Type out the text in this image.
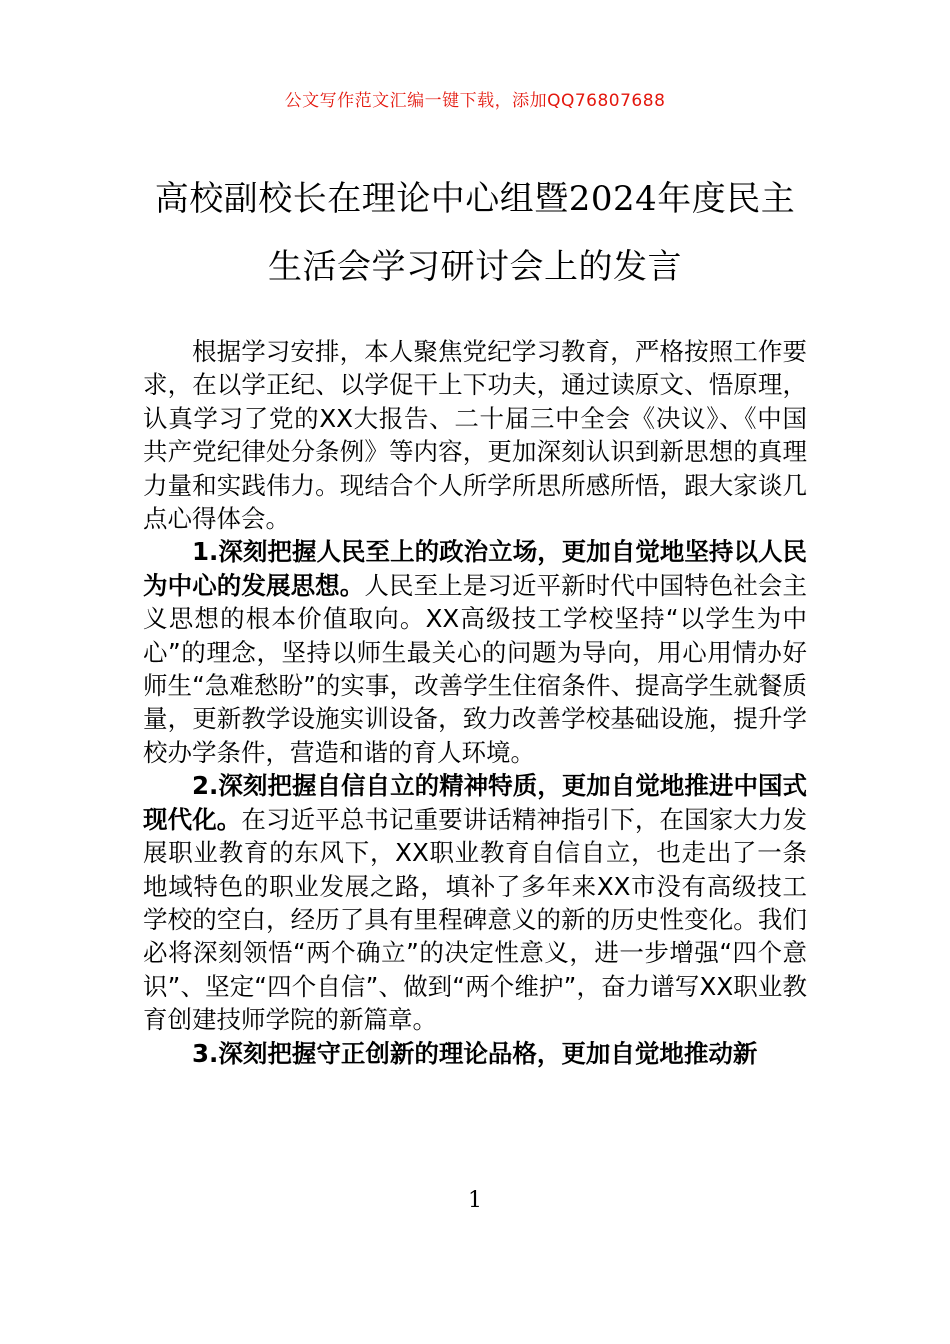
公文写作范文汇编一键下载，添加QQ76807688
高校副校长在理论中心组暨2024年度民主
生活会学习研讨会上的发言

根据学习安排，本人聚焦党纪学习教育，严格按照工作要求，在以学正纪、以学促干上下功夫，通过读原文、悟原理，认真学习了党的XX大报告、二十届三中全会《决议》、《中国共产党纪律处分条例》等内容，更加深刻认识到新思想的真理力量和实践伟力。现结合个人所学所思所感所悟，跟大家谈几点心得体会。

1.深刻把握人民至上的政治立场，更加自觉地坚持以人民为中心的发展思想。人民至上是习近平新时代中国特色社会主义思想的根本价值取向。XX高级技工学校坚持“以学生为中心”的理念，坚持以师生最关心的问题为导向，用心用情办好师生“急难愁盼”的实事，改善学生住宿条件、提高学生就餐质量，更新教学设施实训设备，致力改善学校基础设施，提升学校办学条件，营造和谐的育人环境。

2.深刻把握自信自立的精神特质，更加自觉地推进中国式现代化。在习近平总书记重要讲话精神指引下，在国家大力发展职业教育的东风下，XX职业教育自信自立，也走出了一条地域特色的职业发展之路，填补了多年来XX市没有高级技工学校的空白，经历了具有里程碑意义的新的历史性变化。我们必将深刻领悟“两个确立”的决定性意义，进一步增强“四个意识”、坚定“四个自信”、做到“两个维护”，奋力谱写XX职业教育创建技师学院的新篇章。

3.深刻把握守正创新的理论品格，更加自觉地推动新

1
